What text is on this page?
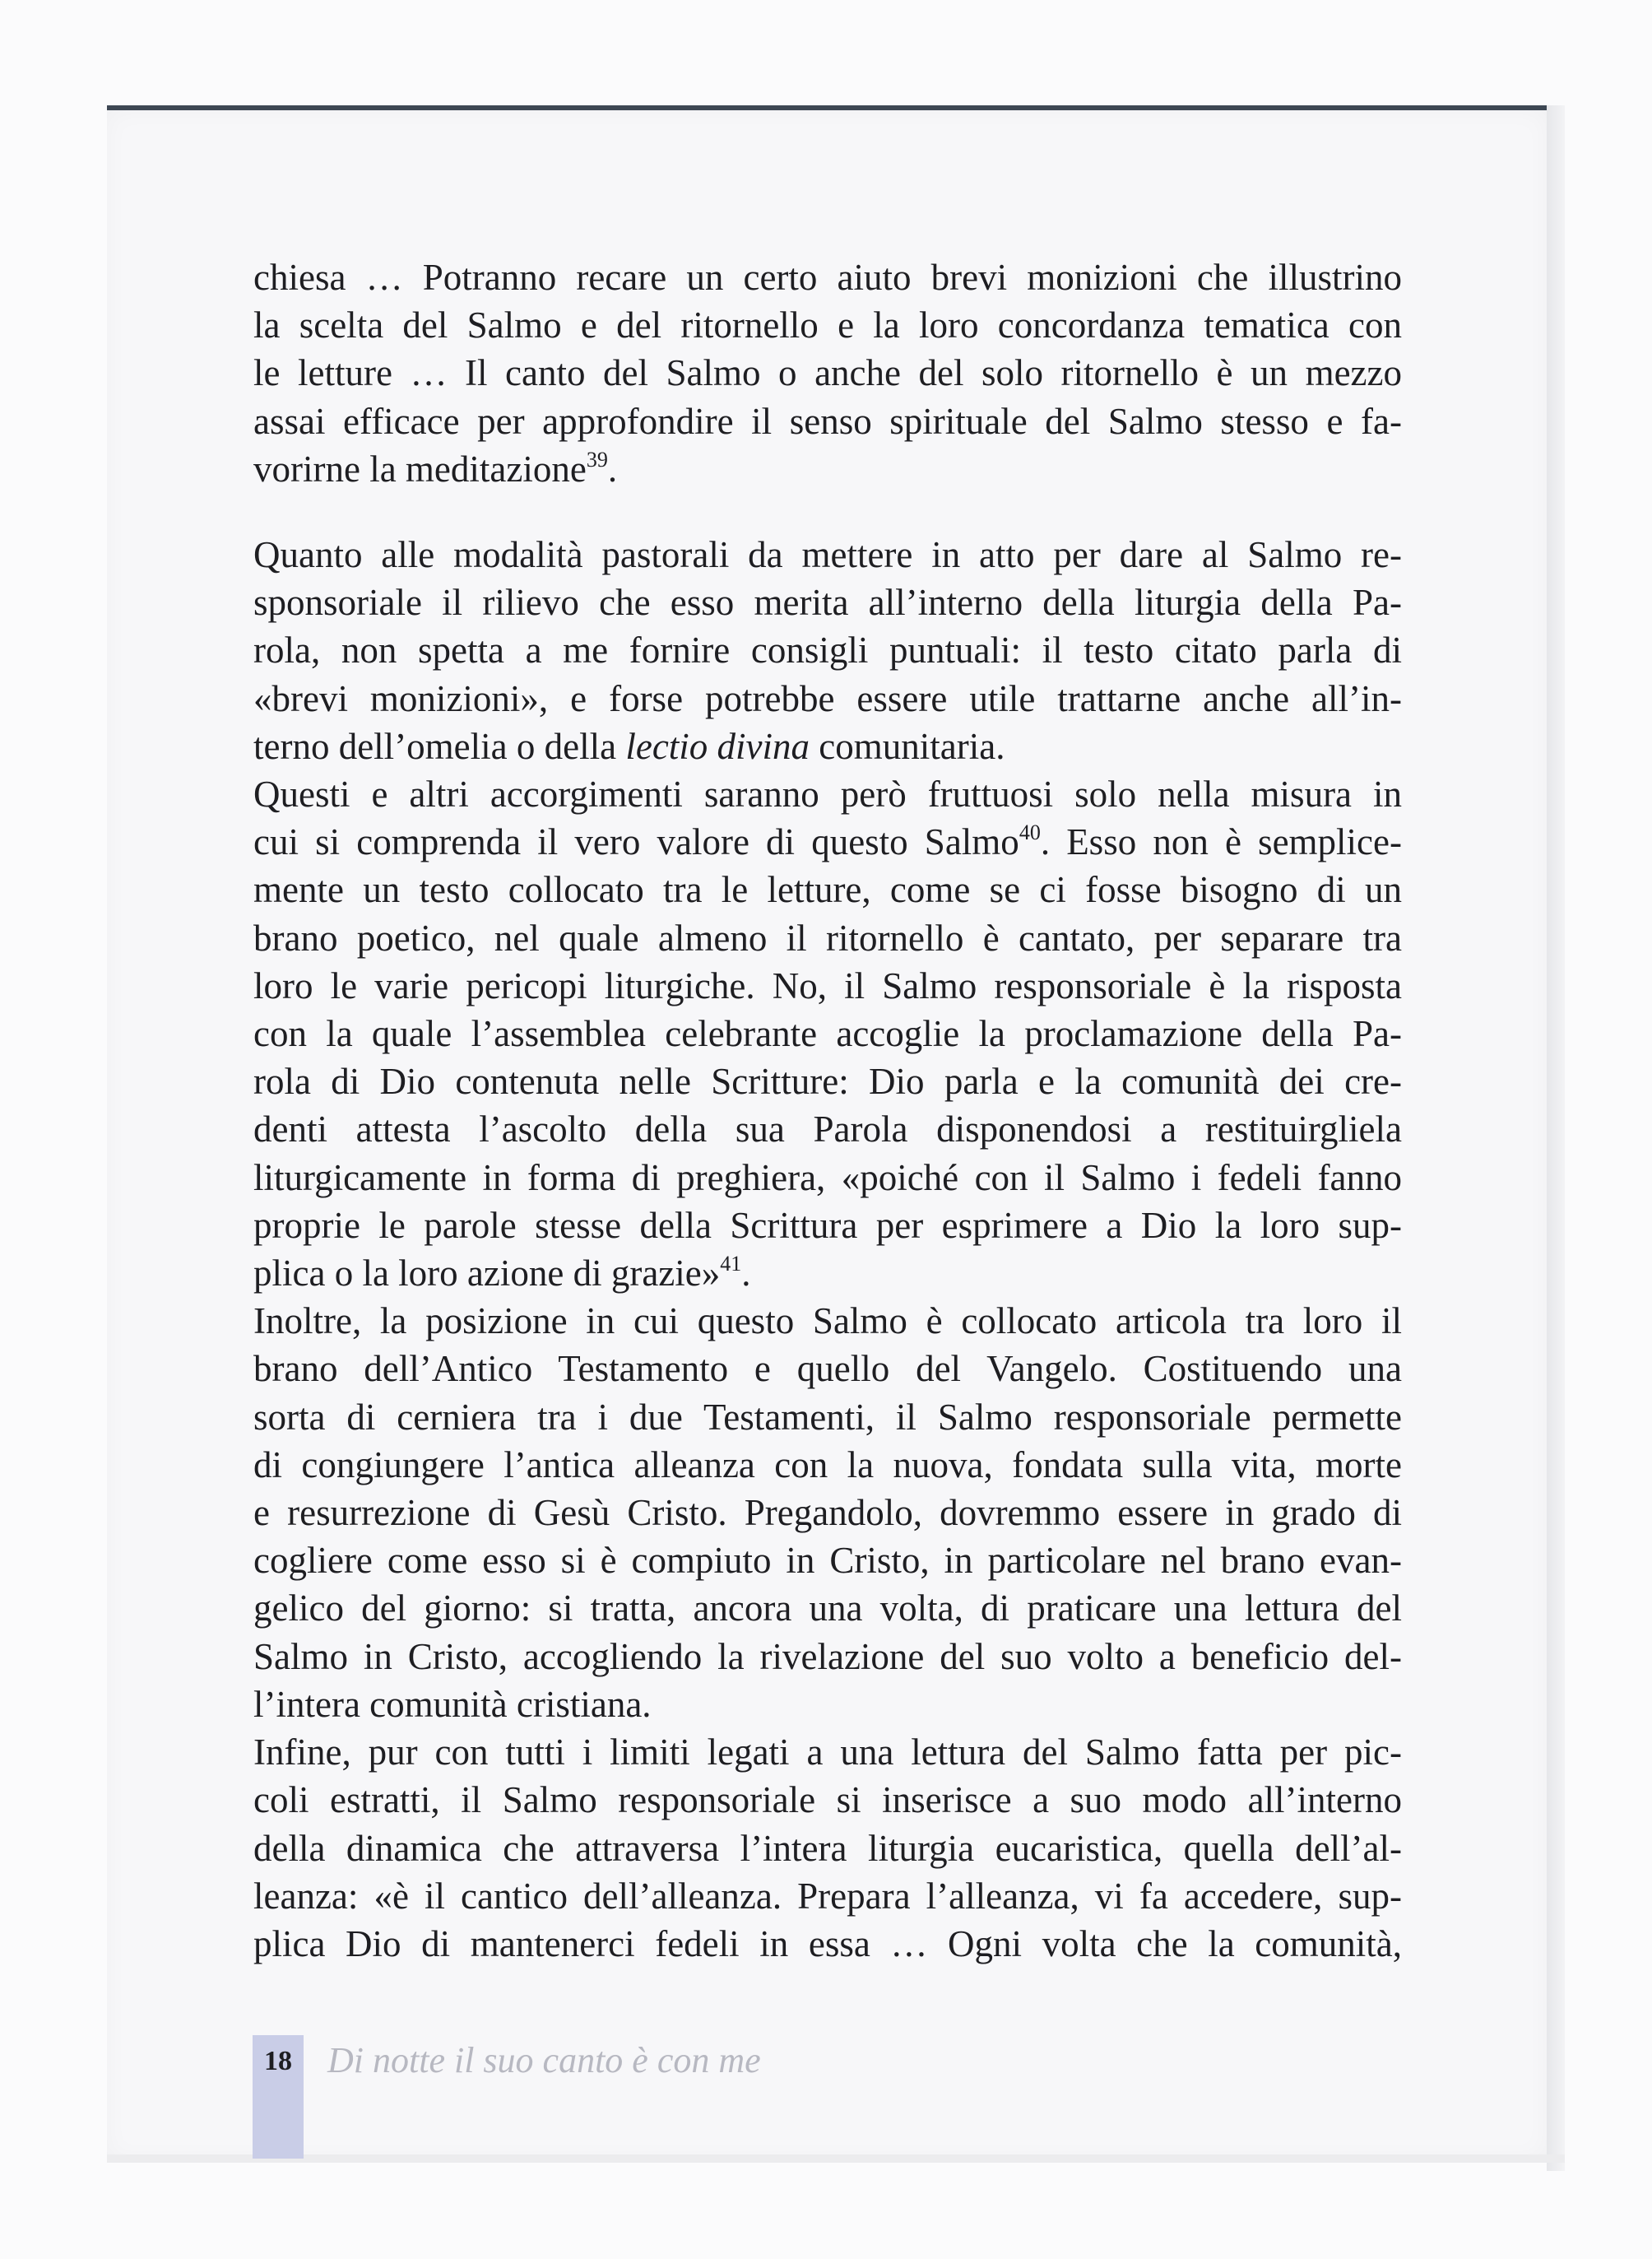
chiesa … Potranno recare un certo aiuto brevi monizioni che illustrino
la scelta del Salmo e del ritornello e la loro concordanza tematica con
le letture … Il canto del Salmo o anche del solo ritornello è un mezzo
assai efficace per approfondire il senso spirituale del Salmo stesso e fa-
vorirne la meditazione$^{39}$.

Quanto alle modalità pastorali da mettere in atto per dare al Salmo re-
sponsoriale il rilievo che esso merita all’interno della liturgia della Pa-
rola, non spetta a me fornire consigli puntuali: il testo citato parla di
«brevi monizioni», e forse potrebbe essere utile trattarne anche all’in-
terno dell’omelia o della lectio divina comunitaria.

Questi e altri accorgimenti saranno però fruttuosi solo nella misura in
cui si comprenda il vero valore di questo Salmo$^{40}$. Esso non è semplice-
mente un testo collocato tra le letture, come se ci fosse bisogno di un
brano poetico, nel quale almeno il ritornello è cantato, per separare tra
loro le varie pericopi liturgiche. No, il Salmo responsoriale è la risposta
con la quale l’assemblea celebrante accoglie la proclamazione della Pa-
rola di Dio contenuta nelle Scritture: Dio parla e la comunità dei cre-
denti attesta l’ascolto della sua Parola disponendosi a restituirgliela
liturgicamente in forma di preghiera, «poiché con il Salmo i fedeli fanno
proprie le parole stesse della Scrittura per esprimere a Dio la loro sup-
plica o la loro azione di grazie»$^{41}$.

Inoltre, la posizione in cui questo Salmo è collocato articola tra loro il
brano dell’Antico Testamento e quello del Vangelo. Costituendo una
sorta di cerniera tra i due Testamenti, il Salmo responsoriale permette
di congiungere l’antica alleanza con la nuova, fondata sulla vita, morte
e resurrezione di Gesù Cristo. Pregandolo, dovremmo essere in grado di
cogliere come esso si è compiuto in Cristo, in particolare nel brano evan-
gelico del giorno: si tratta, ancora una volta, di praticare una lettura del
Salmo in Cristo, accogliendo la rivelazione del suo volto a beneficio del-
l’intera comunità cristiana.

Infine, pur con tutti i limiti legati a una lettura del Salmo fatta per pic-
coli estratti, il Salmo responsoriale si inserisce a suo modo all’interno
della dinamica che attraversa l’intera liturgia eucaristica, quella dell’al-
leanza: «è il cantico dell’alleanza. Prepara l’alleanza, vi fa accedere, sup-
plica Dio di mantenerci fedeli in essa … Ogni volta che la comunità,

18 Di notte il suo canto è con me
